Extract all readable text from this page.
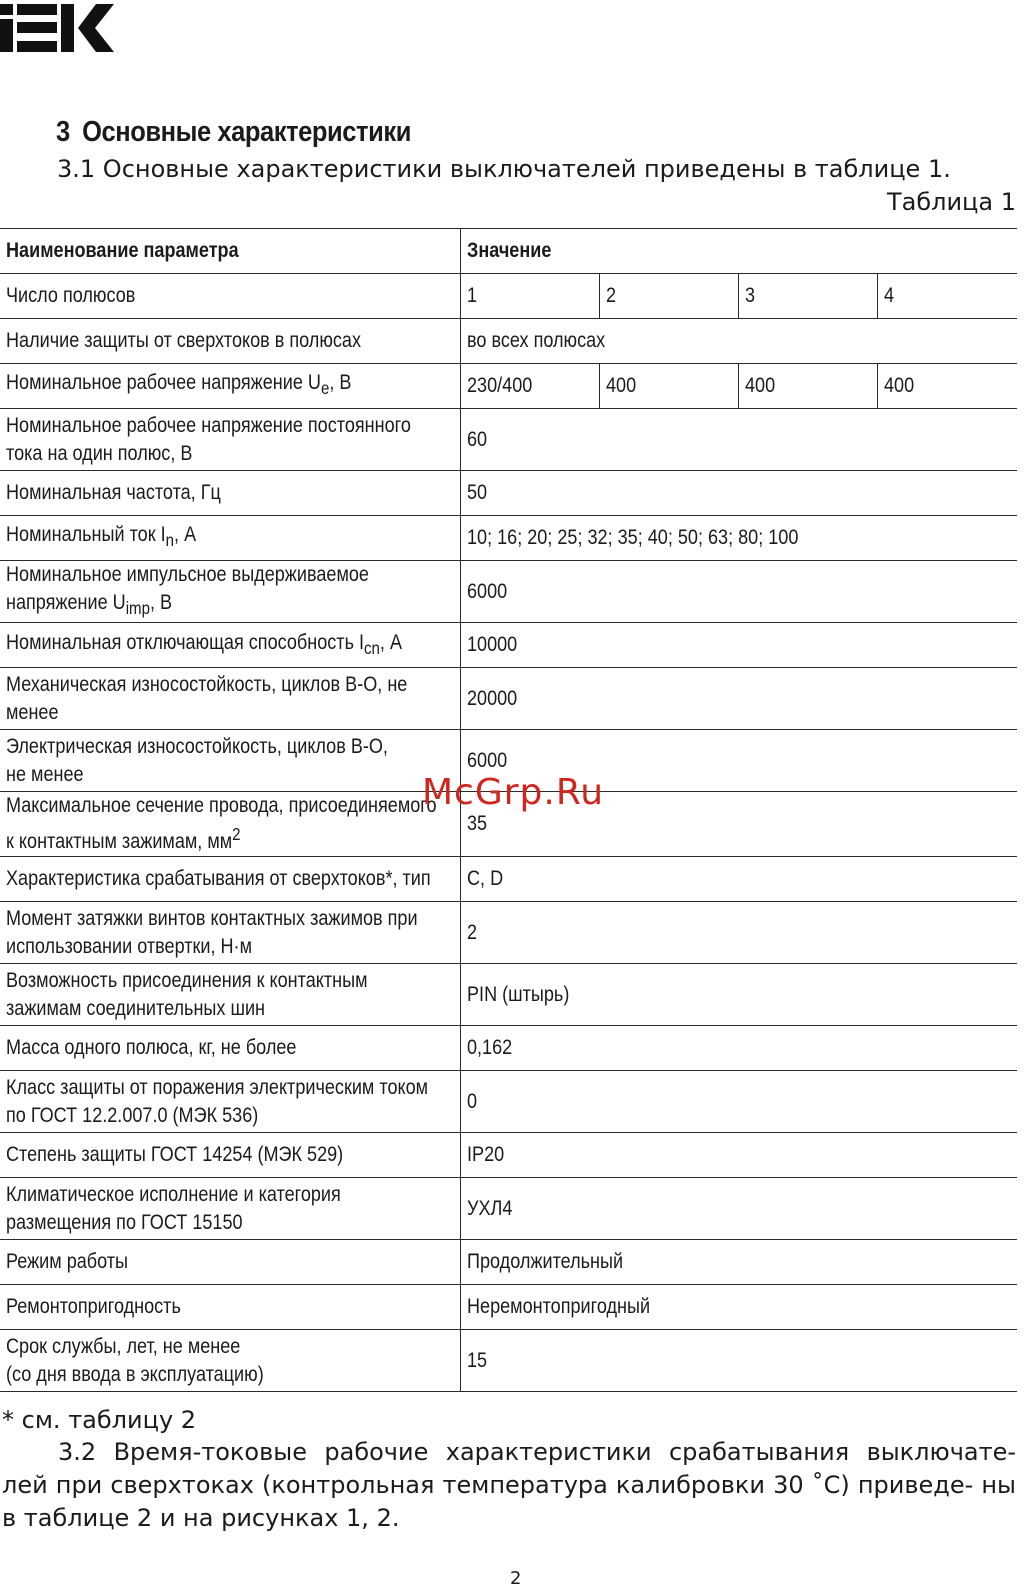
3 Основные характеристики

3.1 Основные характеристики выключателей приведены в таблице 1.

Таблица 1

Наименование параметра	Значение			
Число полюсов	1	2	3	4
Наличие защиты от сверхтоков в полюсах	во всех полюсах			
Номинальное рабочее напряжение $U_e$, В	230/400	400	400	400
Номинальное рабочее напряжение постоянного
тока на один полюс, В	60			
Номинальная частота, Гц	50			
Номинальный ток $I_n$, А	10; 16; 20; 25; 32; 35; 40; 50; 63; 80; 100			
Номинальное импульсное выдерживаемое
напряжение $U_{imp}$, В	6000			
Номинальная отключающая способность $I_{cn}$, А	10000			
Механическая износостойкость, циклов В-О, не
менее	20000			
Электрическая износостойкость, циклов В-О,
не менее	6000			
Максимальное сечение провода, присоединяемого
к контактным зажимам, $мм^2$	35			
Характеристика срабатывания от сверхтоков*, тип	C, D			
Момент затяжки винтов контактных зажимов при
использовании отвертки, Н·м	2			
Возможность присоединения к контактным
зажимам соединительных шин	PIN (штырь)			
Масса одного полюса, кг, не более	0,162			
Класс защиты от поражения электрическим током
по ГОСТ 12.2.007.0 (МЭК 536)	0			
Степень защиты ГОСТ 14254 (МЭК 529)	IP20			
Климатическое исполнение и категория
размещения по ГОСТ 15150	УХЛ4			
Режим работы	Продолжительный			
Ремонтопригодность	Неремонтопригодный			
Срок службы, лет, не менее
(со дня ввода в эксплуатацию)	15			
McGrp.Ru

* см. таблицу 2

3.2 Время-токовые рабочие характеристики срабатывания выключате- лей при сверхтоках (контрольная температура калибровки 30 ˚С) приведе- ны в таблице 2 и на рисунках 1, 2.

2
